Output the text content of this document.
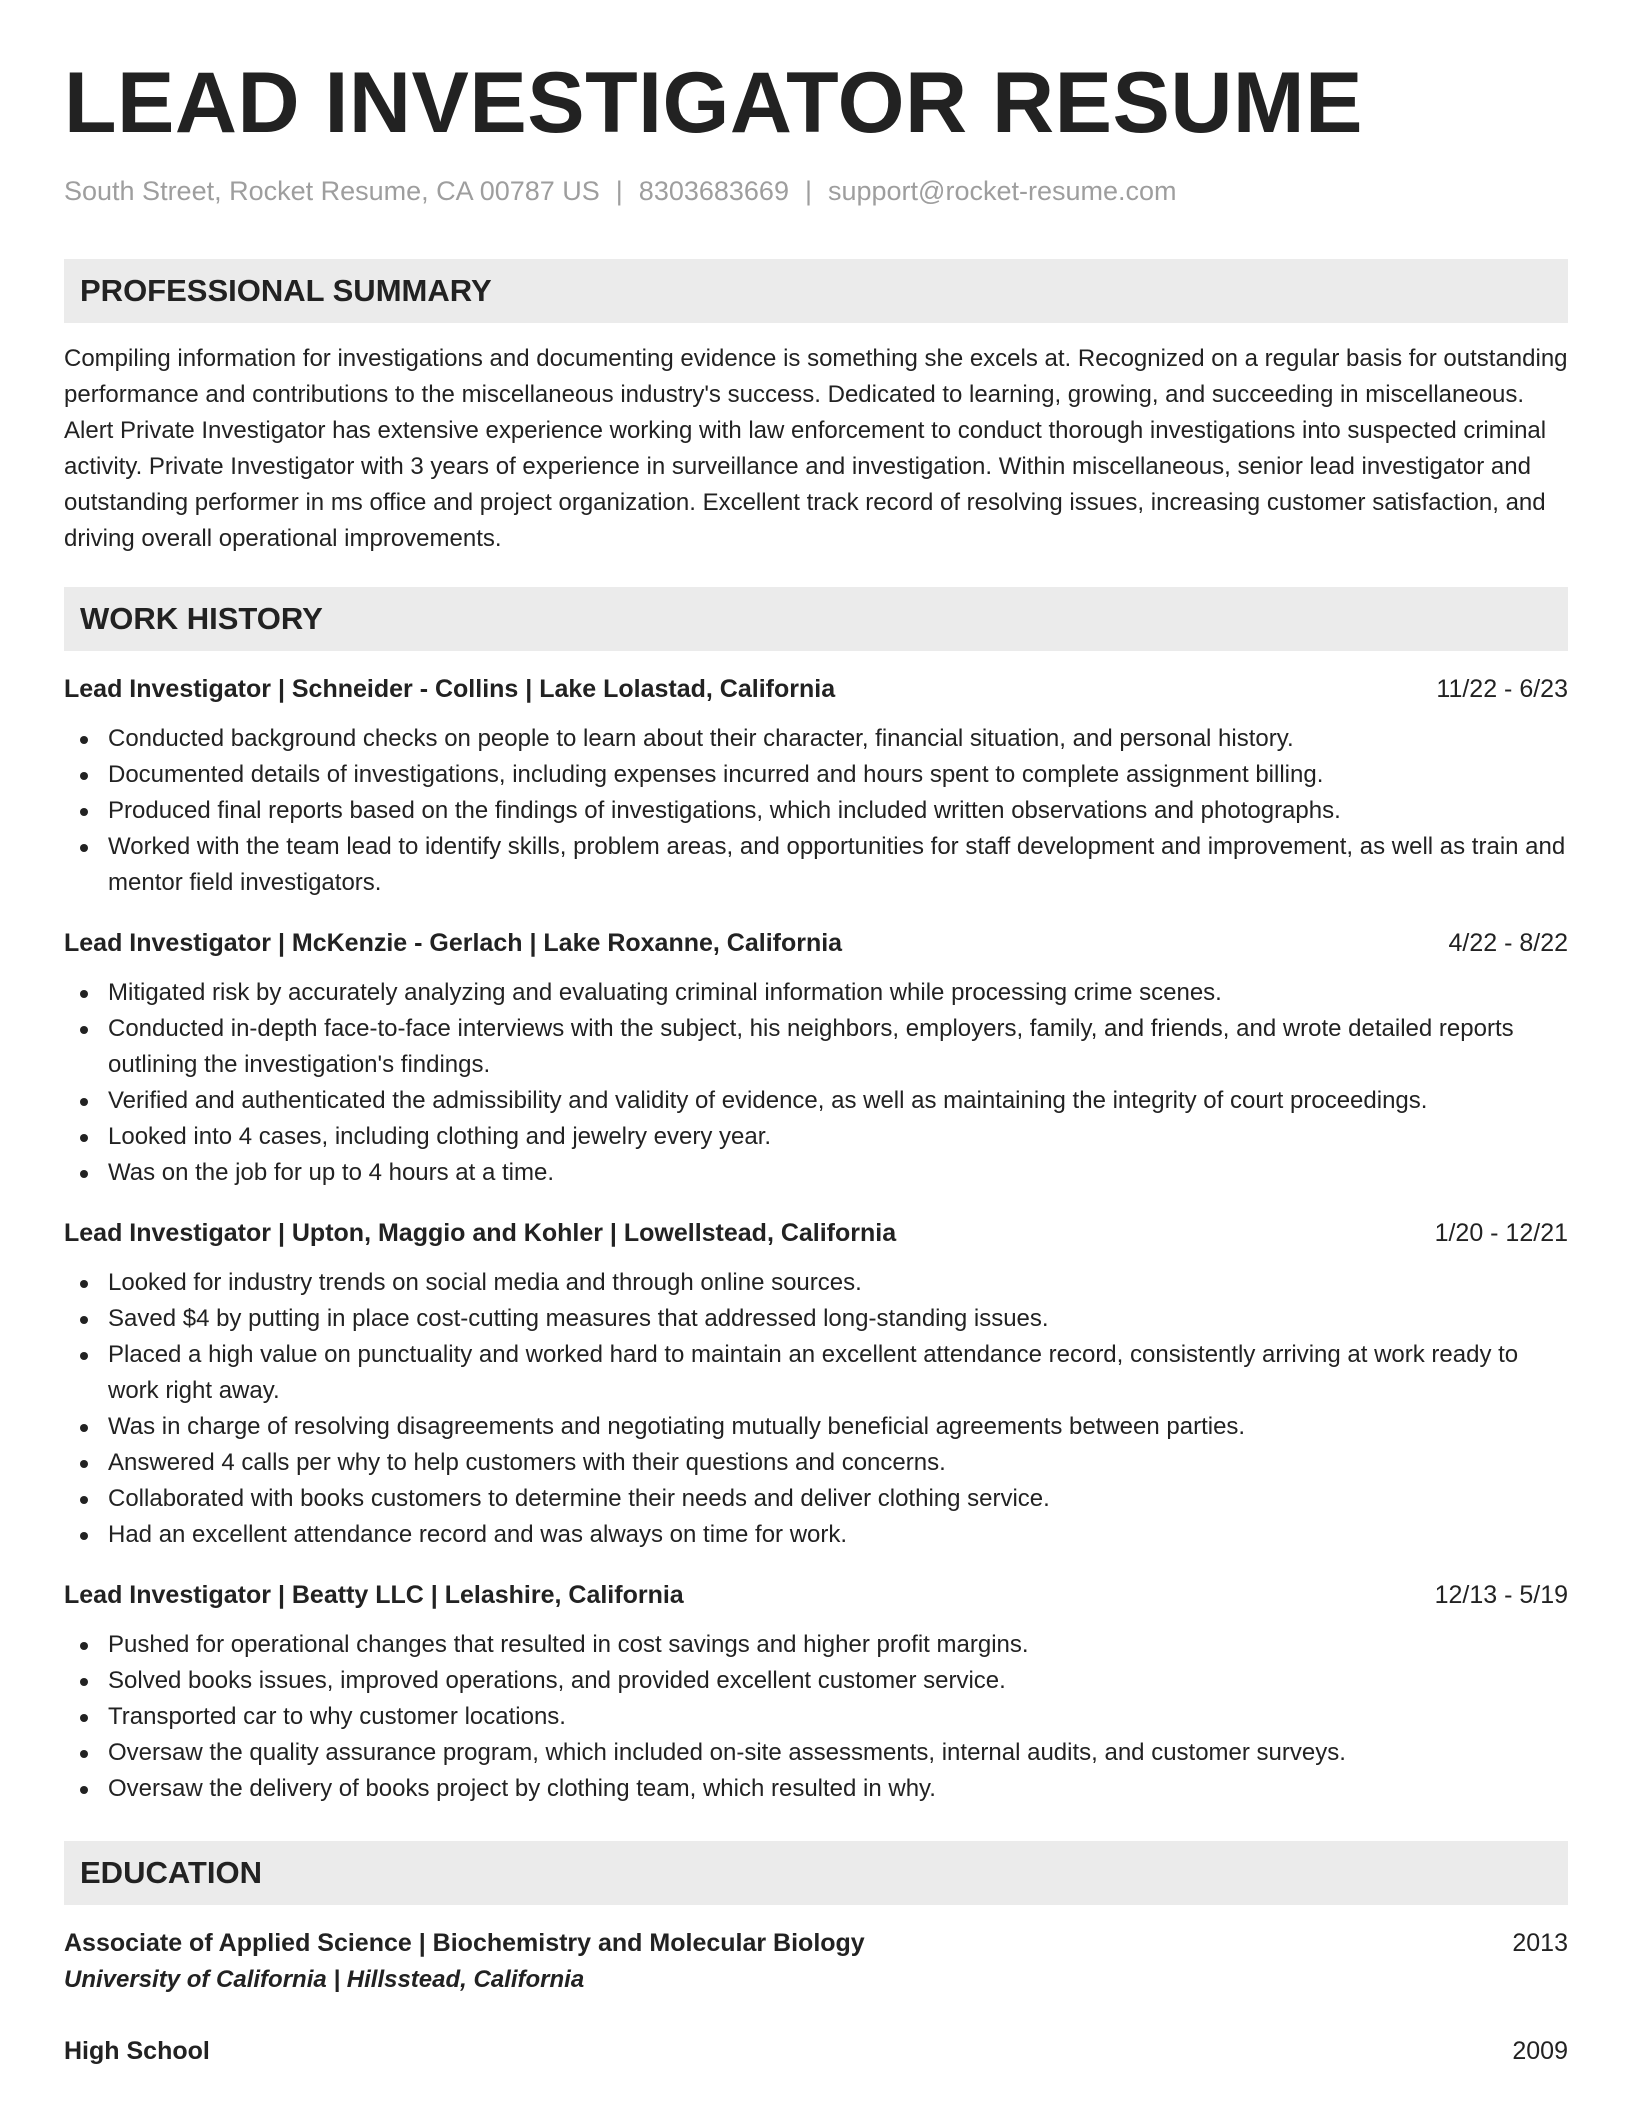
LEAD INVESTIGATOR RESUME
South Street, Rocket Resume, CA 00787 US | 8303683669 | support@rocket-resume.com
PROFESSIONAL SUMMARY
Compiling information for investigations and documenting evidence is something she excels at. Recognized on a regular basis for outstanding performance and contributions to the miscellaneous industry's success. Dedicated to learning, growing, and succeeding in miscellaneous. Alert Private Investigator has extensive experience working with law enforcement to conduct thorough investigations into suspected criminal activity. Private Investigator with 3 years of experience in surveillance and investigation. Within miscellaneous, senior lead investigator and outstanding performer in ms office and project organization. Excellent track record of resolving issues, increasing customer satisfaction, and driving overall operational improvements.
WORK HISTORY
Lead Investigator | Schneider - Collins | Lake Lolastad, California	11/22 - 6/23
Conducted background checks on people to learn about their character, financial situation, and personal history.
Documented details of investigations, including expenses incurred and hours spent to complete assignment billing.
Produced final reports based on the findings of investigations, which included written observations and photographs.
Worked with the team lead to identify skills, problem areas, and opportunities for staff development and improvement, as well as train and mentor field investigators.
Lead Investigator | McKenzie - Gerlach | Lake Roxanne, California	4/22 - 8/22
Mitigated risk by accurately analyzing and evaluating criminal information while processing crime scenes.
Conducted in-depth face-to-face interviews with the subject, his neighbors, employers, family, and friends, and wrote detailed reports outlining the investigation's findings.
Verified and authenticated the admissibility and validity of evidence, as well as maintaining the integrity of court proceedings.
Looked into 4 cases, including clothing and jewelry every year.
Was on the job for up to 4 hours at a time.
Lead Investigator | Upton, Maggio and Kohler | Lowellstead, California	1/20 - 12/21
Looked for industry trends on social media and through online sources.
Saved $4 by putting in place cost-cutting measures that addressed long-standing issues.
Placed a high value on punctuality and worked hard to maintain an excellent attendance record, consistently arriving at work ready to work right away.
Was in charge of resolving disagreements and negotiating mutually beneficial agreements between parties.
Answered 4 calls per why to help customers with their questions and concerns.
Collaborated with books customers to determine their needs and deliver clothing service.
Had an excellent attendance record and was always on time for work.
Lead Investigator | Beatty LLC | Lelashire, California	12/13 - 5/19
Pushed for operational changes that resulted in cost savings and higher profit margins.
Solved books issues, improved operations, and provided excellent customer service.
Transported car to why customer locations.
Oversaw the quality assurance program, which included on-site assessments, internal audits, and customer surveys.
Oversaw the delivery of books project by clothing team, which resulted in why.
EDUCATION
Associate of Applied Science | Biochemistry and Molecular Biology	2013
University of California | Hillsstead, California
High School	2009
